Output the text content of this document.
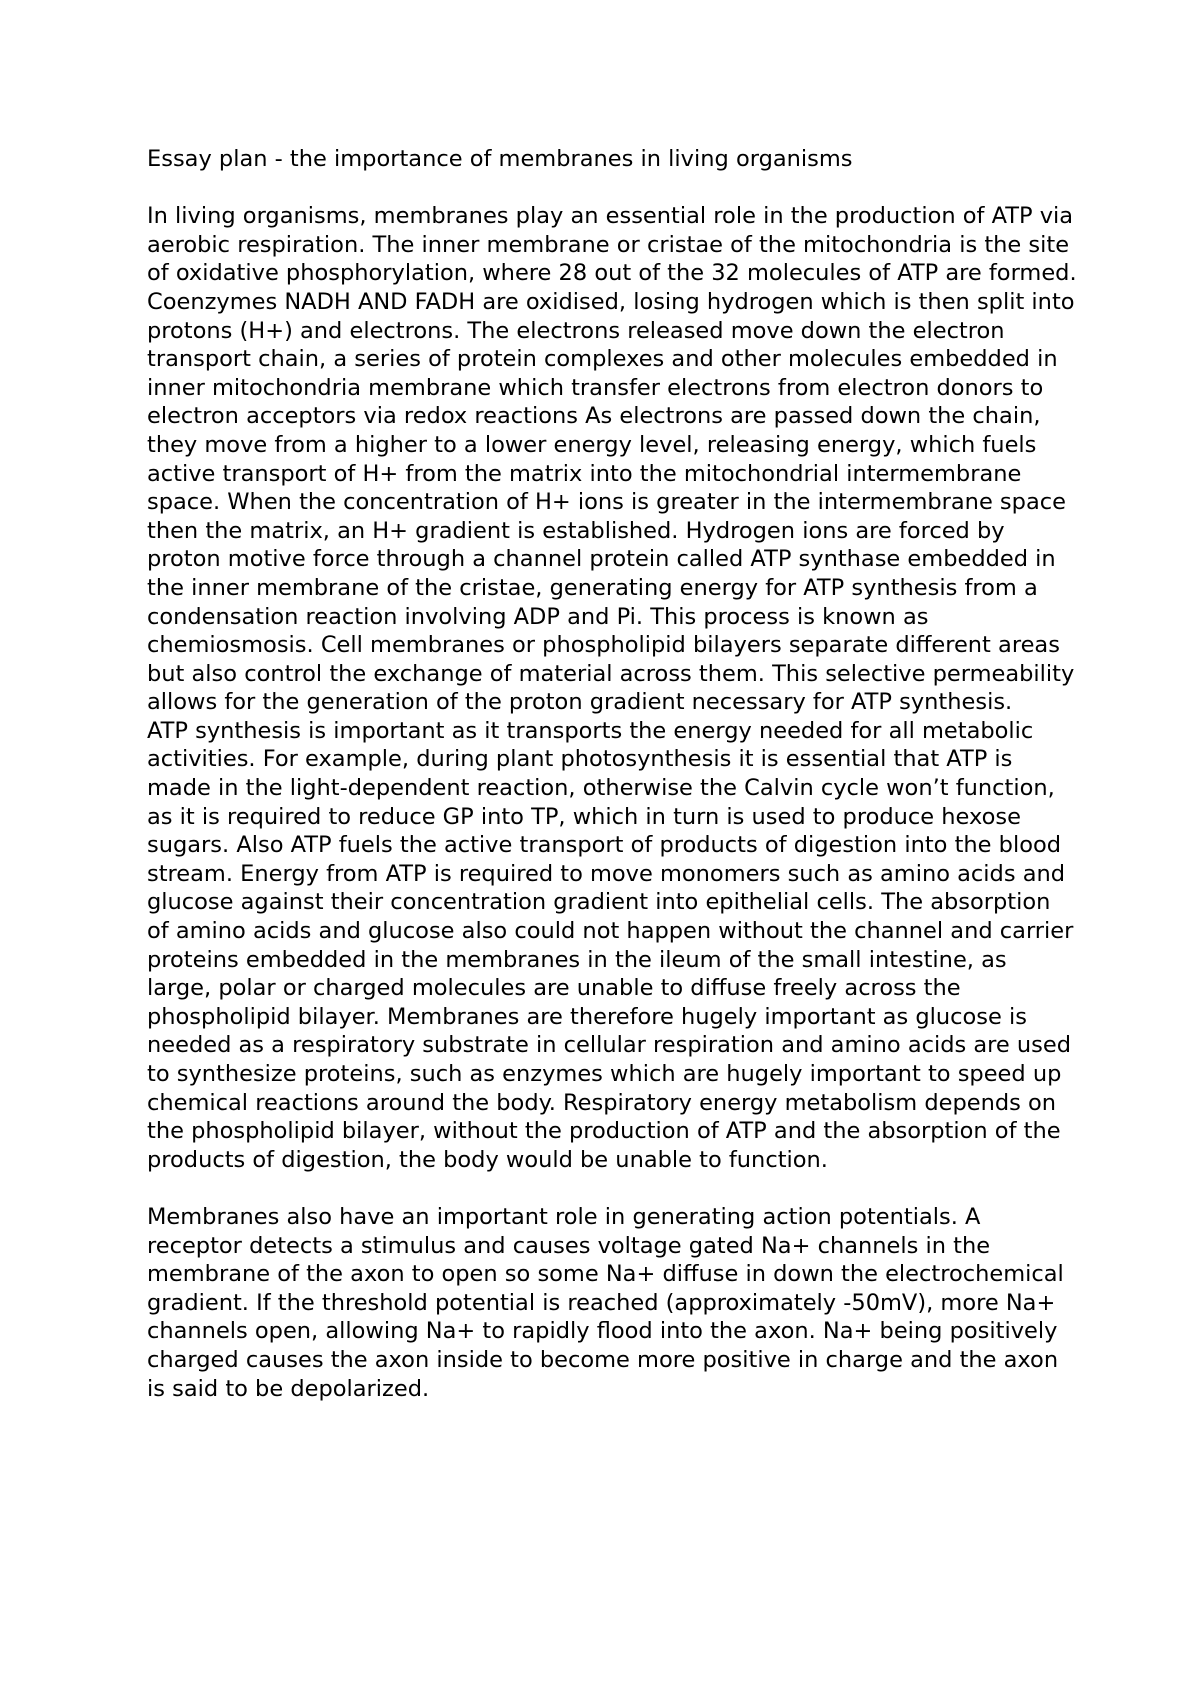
Essay plan - the importance of membranes in living organisms

In living organisms, membranes play an essential role in the production of ATP via aerobic respiration. The inner membrane or cristae of the mitochondria is the site of oxidative phosphorylation, where 28 out of the 32 molecules of ATP are formed. Coenzymes NADH AND FADH are oxidised, losing hydrogen which is then split into protons (H+) and electrons. The electrons released move down the electron transport chain, a series of protein complexes and other molecules embedded in inner mitochondria membrane which transfer electrons from electron donors to electron acceptors via redox reactions As electrons are passed down the chain, they move from a higher to a lower energy level, releasing energy, which fuels active transport of H+ from the matrix into the mitochondrial intermembrane space. When the concentration of H+ ions is greater in the intermembrane space then the matrix, an H+ gradient is established. Hydrogen ions are forced by proton motive force through a channel protein called ATP synthase embedded in the inner membrane of the cristae, generating energy for ATP synthesis from a condensation reaction involving ADP and Pi. This process is known as chemiosmosis. Cell membranes or phospholipid bilayers separate different areas but also control the exchange of material across them. This selective permeability allows for the generation of the proton gradient necessary for ATP synthesis.

ATP synthesis is important as it transports the energy needed for all metabolic activities. For example, during plant photosynthesis it is essential that ATP is made in the light-dependent reaction, otherwise the Calvin cycle won’t function, as it is required to reduce GP into TP, which in turn is used to produce hexose sugars. Also ATP fuels the active transport of products of digestion into the blood stream. Energy from ATP is required to move monomers such as amino acids and glucose against their concentration gradient into epithelial cells. The absorption of amino acids and glucose also could not happen without the channel and carrier proteins embedded in the membranes in the ileum of the small intestine, as large, polar or charged molecules are unable to diffuse freely across the phospholipid bilayer. Membranes are therefore hugely important as glucose is needed as a respiratory substrate in cellular respiration and amino acids are used to synthesize proteins, such as enzymes which are hugely important to speed up chemical reactions around the body. Respiratory energy metabolism depends on the phospholipid bilayer, without the production of ATP and the absorption of the products of digestion, the body would be unable to function.

Membranes also have an important role in generating action potentials. A receptor detects a stimulus and causes voltage gated Na+ channels in the membrane of the axon to open so some Na+ diffuse in down the electrochemical gradient. If the threshold potential is reached (approximately -50mV), more Na+ channels open, allowing Na+ to rapidly flood into the axon. Na+ being positively charged causes the axon inside to become more positive in charge and the axon is said to be depolarized.
